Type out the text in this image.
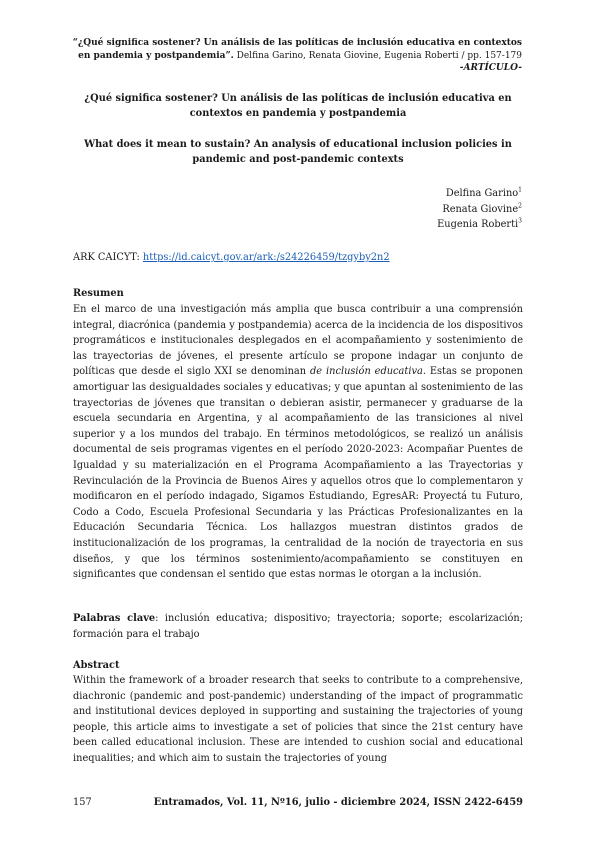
“¿Qué significa sostener? Un análisis de las políticas de inclusión educativa en contextos en pandemia y postpandemia”. Delfina Garino, Renata Giovine, Eugenia Roberti / pp. 157-179
-ARTÍCULO-
¿Qué significa sostener? Un análisis de las políticas de inclusión educativa en
contextos en pandemia y postpandemia
What does it mean to sustain? An analysis of educational inclusion policies in
pandemic and post-pandemic contexts
Delfina Garino$^1$
Renata Giovine$^2$
Eugenia Roberti$^3$
ARK CAICYT: https://id.caicyt.gov.ar/ark:/s24226459/tzgyby2n2
Resumen

En el marco de una investigación más amplia que busca contribuir a una comprensión integral, diacrónica (pandemia y postpandemia) acerca de la incidencia de los dispositivos programáticos e institucionales desplegados en el acompañamiento y sostenimiento de las trayectorias de jóvenes, el presente artículo se propone indagar un conjunto de políticas que desde el siglo XXI se denominan de inclusión educativa. Estas se proponen amortiguar las desigualdades sociales y educativas; y que apuntan al sostenimiento de las trayectorias de jóvenes que transitan o debieran asistir, permanecer y graduarse de la escuela secundaria en Argentina, y al acompañamiento de las transiciones al nivel superior y a los mundos del trabajo. En términos metodológicos, se realizó un análisis documental de seis programas vigentes en el período 2020-2023: Acompañar Puentes de Igualdad y su materialización en el Programa Acompañamiento a las Trayectorias y Revinculación de la Provincia de Buenos Aires y aquellos otros que lo complementaron y modificaron en el período indagado, Sigamos Estudiando, EgresAR: Proyectá tu Futuro, Codo a Codo, Escuela Profesional Secundaria y las Prácticas Profesionalizantes en la Educación Secundaria Técnica. Los hallazgos muestran distintos grados de institucionalización de los programas, la centralidad de la noción de trayectoria en sus diseños, y que los términos sostenimiento/acompañamiento se constituyen en significantes que condensan el sentido que estas normas le otorgan a la inclusión.

Palabras clave: inclusión educativa; dispositivo; trayectoria; soporte; escolarización; formación para el trabajo

Abstract

Within the framework of a broader research that seeks to contribute to a comprehensive, diachronic (pandemic and post-pandemic) understanding of the impact of programmatic and institutional devices deployed in supporting and sustaining the trajectories of young people, this article aims to investigate a set of policies that since the 21st century have been called educational inclusion. These are intended to cushion social and educational inequalities; and which aim to sustain the trajectories of young

157	Entramados, Vol. 11, Nº16, julio - diciembre 2024, ISSN 2422-6459
